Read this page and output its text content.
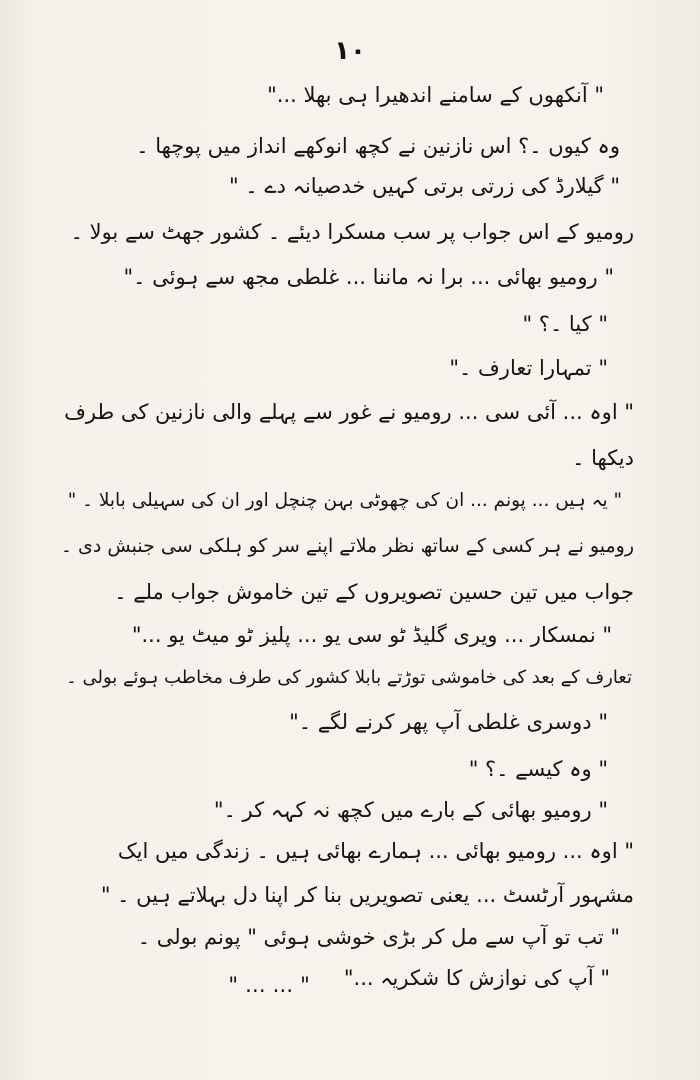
۱۰
" آنکھوں کے سامنے اندھیرا ہی بھلا ..."
وہ کیوں ۔؟ اس نازنین نے کچھ انوکھے انداز میں پوچھا ۔
" گیلارڈ کی زرتی برتی کہیں خدصیانہ دے ۔ "
رومیو کے اس جواب پر سب مسکرا دیئے ۔ کشور جھٹ سے بولا ۔
" رومیو بھائی ... برا نہ ماننا ... غلطی مجھ سے ہوئی ۔"
" کیا ۔؟ "
" تمہارا تعارف ۔"
" اوہ ... آئی سی ... رومیو نے غور سے پہلے والی نازنین کی طرف
دیکھا ۔
" یہ ہیں ... پونم ... ان کی چھوٹی بہن چنچل اور ان کی سہیلی بابلا ۔ "
رومیو نے ہر کسی کے ساتھ نظر ملاتے اپنے سر کو ہلکی سی جنبش دی ۔
جواب میں تین حسین تصویروں کے تین خاموش جواب ملے ۔
" نمسکار ... ویری گلیڈ ٹو سی یو ... پلیز ٹو میٹ یو ..."
تعارف کے بعد کی خاموشی توڑتے بابلا کشور کی طرف مخاطب ہوئے بولی ۔
" دوسری غلطی آپ پھر کرنے لگے ۔"
" وہ کیسے ۔؟ "
" رومیو بھائی کے بارے میں کچھ نہ کہہ کر ۔"
" اوہ ... رومیو بھائی ... ہمارے بھائی ہیں ۔ زندگی میں ایک
مشہور آرٹسٹ ... یعنی تصویریں بنا کر اپنا دل بہلاتے ہیں ۔ "
" تب تو آپ سے مل کر بڑی خوشی ہوئی " پونم بولی ۔
" آپ کی نوازش کا شکریہ ..."
" ... ... "
